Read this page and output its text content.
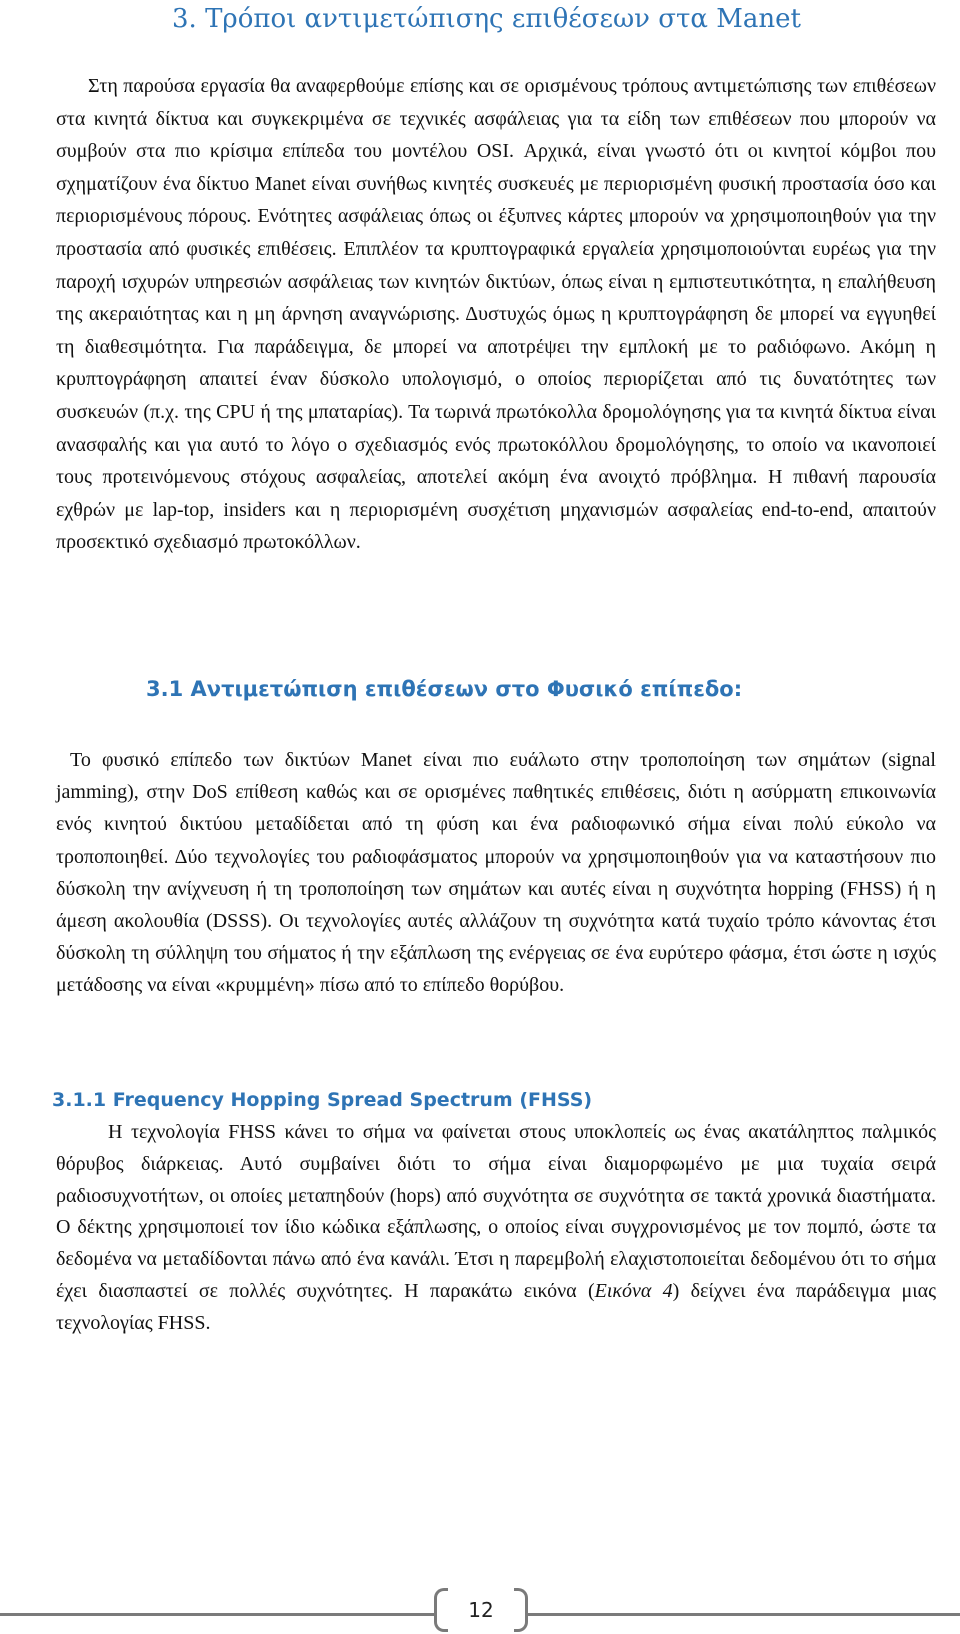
3. Τρόποι αντιμετώπισης επιθέσεων στα Manet

Στη παρούσα εργασία θα αναφερθούμε επίσης και σε ορισμένους τρόπους αντιμετώπισης των επιθέσεων στα κινητά δίκτυα και συγκεκριμένα σε τεχνικές ασφάλειας για τα είδη των επιθέσεων που μπορούν να συμβούν στα πιο κρίσιμα επίπεδα του μοντέλου OSI. Αρχικά, είναι γνωστό ότι οι κινητοί κόμβοι που σχηματίζουν ένα δίκτυο Manet είναι συνήθως κινητές συσκευές με περιορισμένη φυσική προστασία όσο και περιορισμένους πόρους. Ενότητες ασφάλειας όπως οι έξυπνες κάρτες μπορούν να χρησιμοποιηθούν για την προστασία από φυσικές επιθέσεις. Επιπλέον τα κρυπτογραφικά εργαλεία χρησιμοποιούνται ευρέως για την παροχή ισχυρών υπηρεσιών ασφάλειας των κινητών δικτύων, όπως είναι η εμπιστευτικότητα, η επαλήθευση της ακεραιότητας και η μη άρνηση αναγνώρισης. Δυστυχώς όμως η κρυπτογράφηση δε μπορεί να εγγυηθεί τη διαθεσιμότητα. Για παράδειγμα, δε μπορεί να αποτρέψει την εμπλοκή με το ραδιόφωνο. Ακόμη η κρυπτογράφηση απαιτεί έναν δύσκολο υπολογισμό, ο οποίος περιορίζεται από τις δυνατότητες των συσκευών (π.χ. της CPU ή της μπαταρίας). Τα τωρινά πρωτόκολλα δρομολόγησης για τα κινητά δίκτυα είναι ανασφαλής και για αυτό το λόγο ο σχεδιασμός ενός πρωτοκόλλου δρομολόγησης, το οποίο να ικανοποιεί τους προτεινόμενους στόχους ασφαλείας, αποτελεί ακόμη ένα ανοιχτό πρόβλημα. Η πιθανή παρουσία εχθρών με lap-top, insiders και η περιορισμένη συσχέτιση μηχανισμών ασφαλείας end-to-end, απαιτούν προσεκτικό σχεδιασμό πρωτοκόλλων.

3.1 Αντιμετώπιση επιθέσεων στο Φυσικό επίπεδο:

Το φυσικό επίπεδο των δικτύων Manet είναι πιο ευάλωτο στην τροποποίηση των σημάτων (signal jamming), στην DoS επίθεση καθώς και σε ορισμένες παθητικές επιθέσεις, διότι η ασύρματη επικοινωνία ενός κινητού δικτύου μεταδίδεται από τη φύση και ένα ραδιοφωνικό σήμα είναι πολύ εύκολο να τροποποιηθεί. Δύο τεχνολογίες του ραδιοφάσματος μπορούν να χρησιμοποιηθούν για να καταστήσουν πιο δύσκολη την ανίχνευση ή τη τροποποίηση των σημάτων και αυτές είναι η συχνότητα hopping (FHSS) ή η άμεση ακολουθία (DSSS). Οι τεχνολογίες αυτές αλλάζουν τη συχνότητα κατά τυχαίο τρόπο κάνοντας έτσι δύσκολη τη σύλληψη του σήματος ή την εξάπλωση της ενέργειας σε ένα ευρύτερο φάσμα, έτσι ώστε η ισχύς μετάδοσης να είναι «κρυμμένη» πίσω από το επίπεδο θορύβου.

3.1.1 Frequency Hopping Spread Spectrum (FHSS)

Η τεχνολογία FHSS κάνει το σήμα να φαίνεται στους υποκλοπείς ως ένας ακατάληπτος παλμικός θόρυβος διάρκειας. Αυτό συμβαίνει διότι το σήμα είναι διαμορφωμένο με μια τυχαία σειρά ραδιοσυχνοτήτων, οι οποίες μεταπηδούν (hops) από συχνότητα σε συχνότητα σε τακτά χρονικά διαστήματα. Ο δέκτης χρησιμοποιεί τον ίδιο κώδικα εξάπλωσης, ο οποίος είναι συγχρονισμένος με τον πομπό, ώστε τα δεδομένα να μεταδίδονται πάνω από ένα κανάλι. Έτσι η παρεμβολή ελαχιστοποιείται δεδομένου ότι το σήμα έχει διασπαστεί σε πολλές συχνότητες. Η παρακάτω εικόνα (Εικόνα 4) δείχνει ένα παράδειγμα μιας τεχνολογίας FHSS.

12
